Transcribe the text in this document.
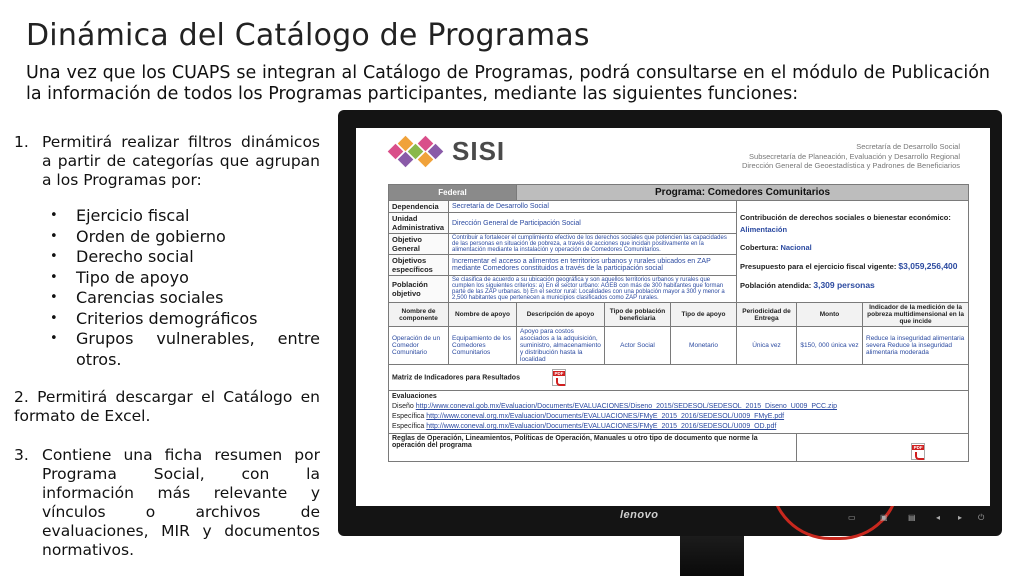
Dinámica del Catálogo de Programas
Una vez que los CUAPS se integran al Catálogo de Programas, podrá consultarse en el módulo de Publicación la información de todos los Programas participantes, mediante las siguientes funciones:
1. Permitirá realizar filtros dinámicos a partir de categorías que agrupan a los Programas por:
•	Ejercicio fiscal
•	Orden de gobierno
•	Derecho social
•	Tipo de apoyo
•	Carencias sociales
•	Criterios demográficos
•	Grupos vulnerables, entre otros.
2. Permitirá descargar el Catálogo en formato de Excel.
3. Contiene una ficha resumen por Programa Social, con la información más relevante y vínculos o archivos de evaluaciones, MIR y documentos normativos.
lenovo	▭	▣	▤	◂	▸	⏻
SISI	Secretaría de Desarrollo Social
Subsecretaría de Planeación, Evaluación y Desarrollo Regional
Dirección General de Geoestadística y Padrones de Beneficiarios
Federal		Programa: Comedores Comunitarios					
Dependencia	Secretaría de Desarrollo Social				Contribución de derechos sociales o bienestar económico: Alimentación
Cobertura: Nacional
Presupuesto para el ejercicio fiscal vigente: $3,059,256,400
Población atendida: 3,309 personas		

Unidad Administrativa	Dirección General de Participación Social						
Objetivo General	Contribuir a fortalecer el cumplimiento efectivo de los derechos sociales que potencien las capacidades de las personas en situación de pobreza, a través de acciones que incidan positivamente en la alimentación mediante la instalación y operación de Comedores Comunitarios.						
Objetivos específicos	Incrementar el acceso a alimentos en territorios urbanos y rurales ubicados en ZAP mediante Comedores constituidos a través de la participación social						
Población objetivo	Se clasifica de acuerdo a su ubicación geográfica y son aquellos territorios urbanos y rurales que cumplen los siguientes criterios: a) En el sector urbano: AGEB con más de 300 habitantes que forman parte de las ZAP urbanas. b) En el sector rural: Localidades con una población mayor a 300 y menor a 2,500 habitantes que pertenecen a municipios clasificados como ZAP rurales.						
Nombre de componente	Nombre de apoyo	Descripción de apoyo	Tipo de población beneficiaria	Tipo de apoyo	Periodicidad de Entrega	Monto	Indicador de la medición de la pobreza multidimensional en la que incide
Operación de un Comedor Comunitario	Equipamiento de los Comedores Comunitarios	Apoyo para costos asociados a la adquisición, suministro, almacenamiento y distribución hasta la localidad	Actor Social	Monetario	Única vez	$150, 000 única vez	Reduce la inseguridad alimentaria severa Reduce la inseguridad alimentaria moderada
Matriz de Indicadores para Resultados PDF

Evaluaciones
Diseño http://www.coneval.gob.mx/Evaluacion/Documents/EVALUACIONES/Diseno_2015/SEDESOL/SEDESOL_2015_Diseno_U009_PCC.zip
Específica http://www.coneval.org.mx/Evaluacion/Documents/EVALUACIONES/FMyE_2015_2016/SEDESOL/U009_FMyE.pdf
Específica http://www.coneval.org.mx/Evaluacion/Documents/EVALUACIONES/FMyE_2015_2016/SEDESOL/U009_OD.pdf							

Reglas de Operación, Lineamientos, Políticas de Operación, Manuales u otro tipo de documento que norme la operación del programa	PDF
